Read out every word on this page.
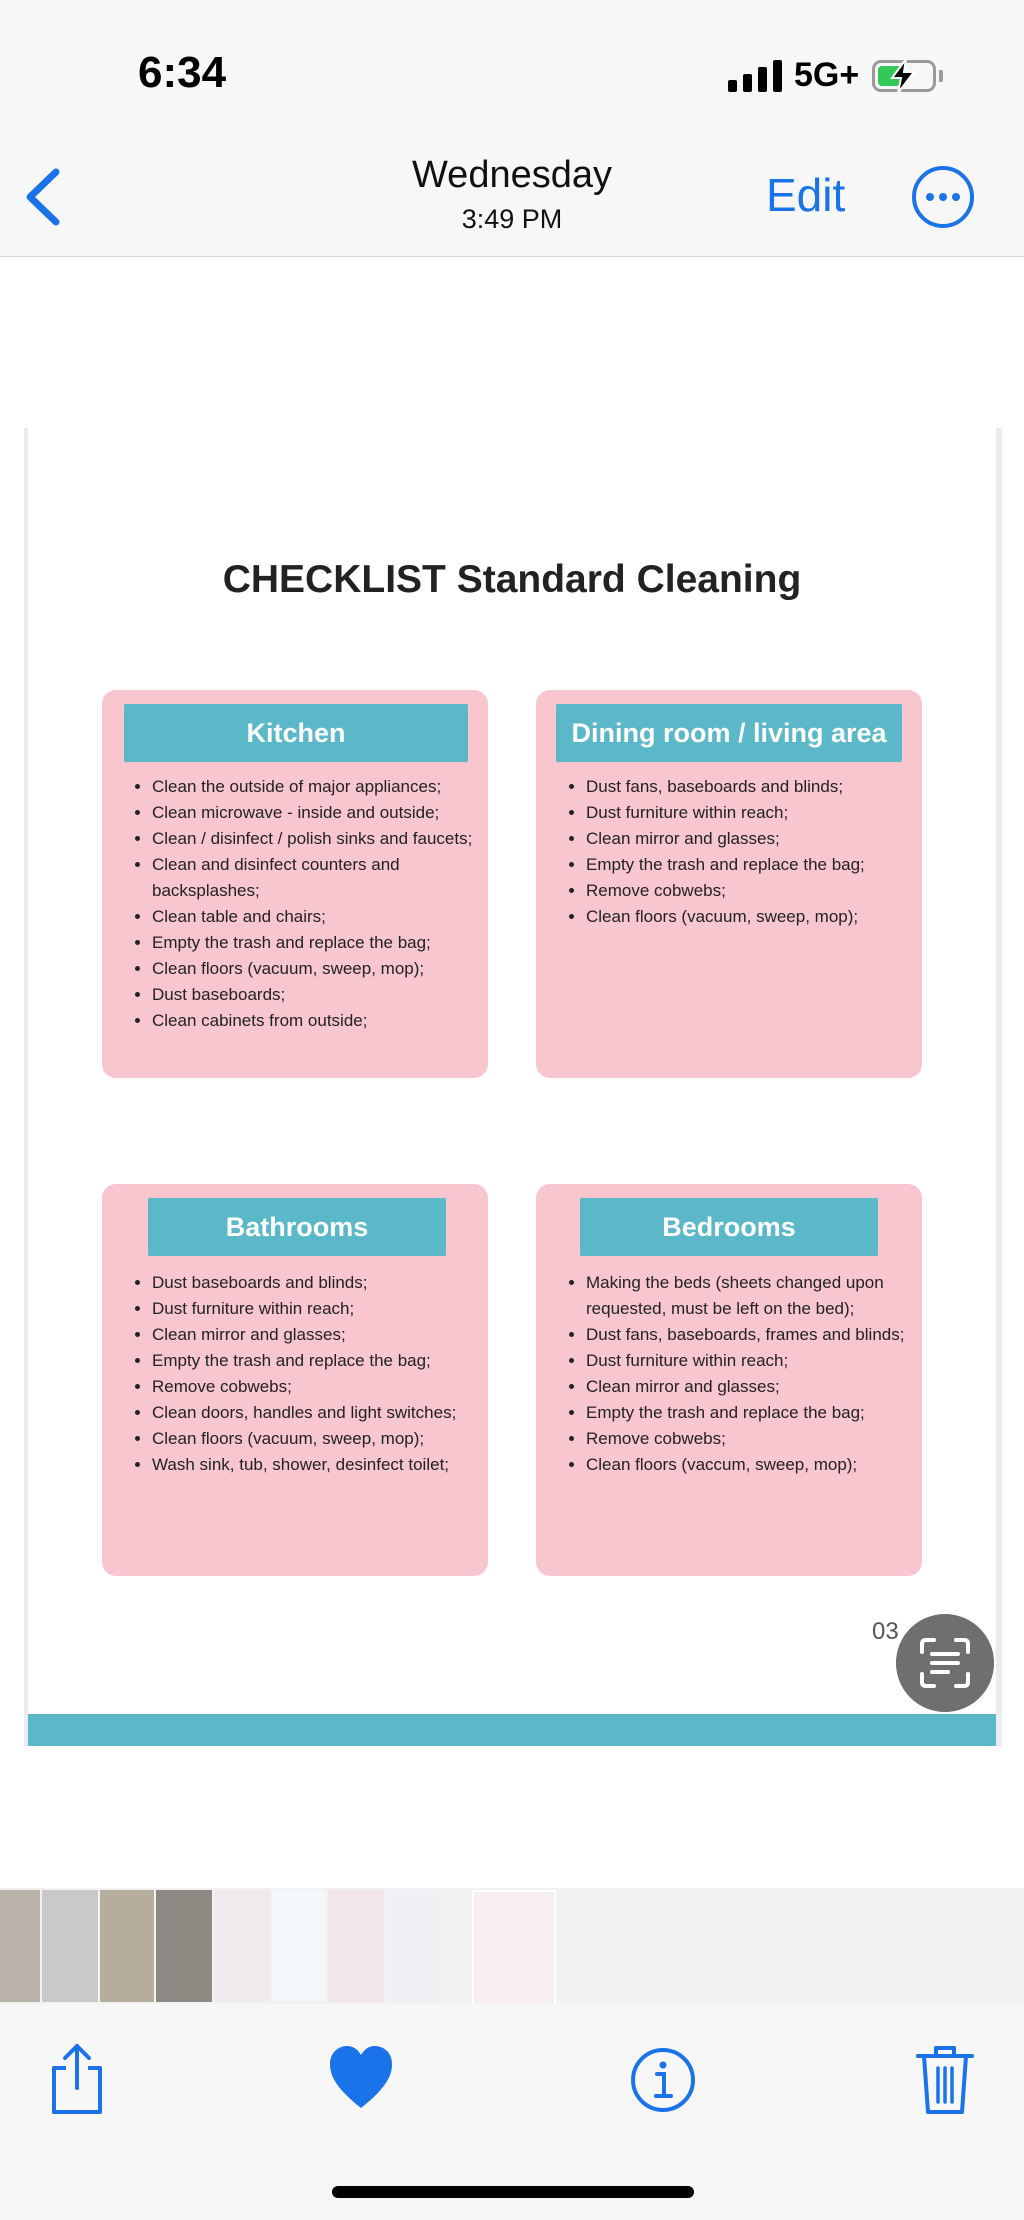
6:34	5G+
Wednesday
3:49 PM	Edit
CHECKLIST Standard Cleaning
Kitchen
• Clean the outside of major appliances;
• Clean microwave - inside and outside;
• Clean / disinfect / polish sinks and faucets;
• Clean and disinfect counters and backsplashes;
• Clean table and chairs;
• Empty the trash and replace the bag;
• Clean floors (vacuum, sweep, mop);
• Dust baseboards;
• Clean cabinets from outside;
Dining room / living area
• Dust fans, baseboards and blinds;
• Dust furniture within reach;
• Clean mirror and glasses;
• Empty the trash and replace the bag;
• Remove cobwebs;
• Clean floors (vacuum, sweep, mop);
Bathrooms
• Dust baseboards and blinds;
• Dust furniture within reach;
• Clean mirror and glasses;
• Empty the trash and replace the bag;
• Remove cobwebs;
• Clean doors, handles and light switches;
• Clean floors (vacuum, sweep, mop);
• Wash sink, tub, shower, desinfect toilet;
Bedrooms
• Making the beds (sheets changed upon requested, must be left on the bed);
• Dust fans, baseboards, frames and blinds;
• Dust furniture within reach;
• Clean mirror and glasses;
• Empty the trash and replace the bag;
• Remove cobwebs;
• Clean floors (vaccum, sweep, mop);
03
